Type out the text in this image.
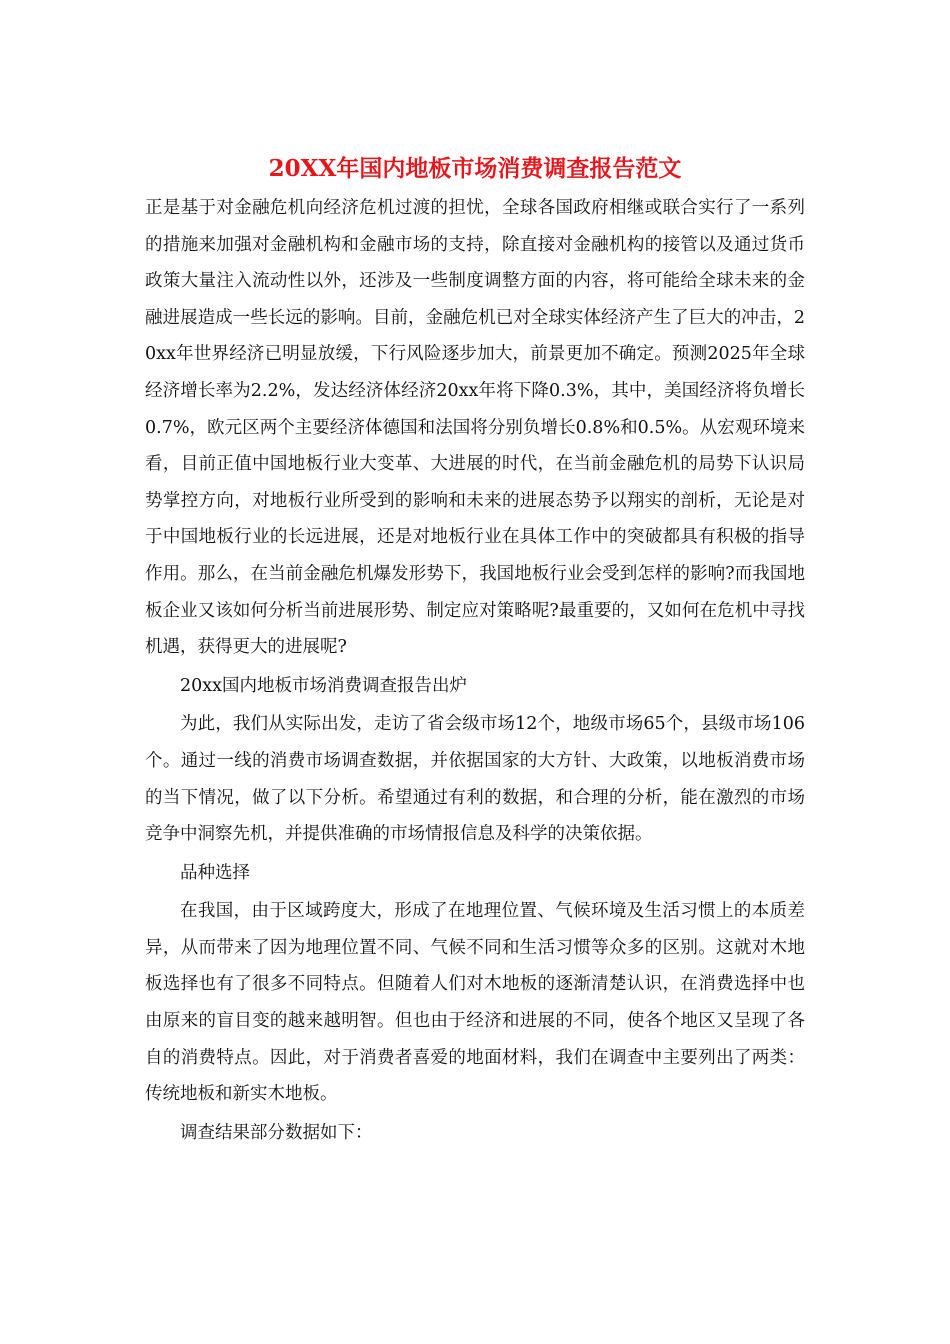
20XX年国内地板市场消费调查报告范文

正是基于对金融危机向经济危机过渡的担忧，全球各国政府相继或联合实行了一系列的措施来加强对金融机构和金融市场的支持，除直接对金融机构的接管以及通过货币政策大量注入流动性以外，还涉及一些制度调整方面的内容，将可能给全球未来的金融进展造成一些长远的影响。目前，金融危机已对全球实体经济产生了巨大的冲击，20xx年世界经济已明显放缓，下行风险逐步加大，前景更加不确定。预测2025年全球经济增长率为2.2%，发达经济体经济20xx年将下降0.3%，其中，美国经济将负增长0.7%，欧元区两个主要经济体德国和法国将分别负增长0.8%和0.5%。从宏观环境来看，目前正值中国地板行业大变革、大进展的时代，在当前金融危机的局势下认识局势掌控方向，对地板行业所受到的影响和未来的进展态势予以翔实的剖析，无论是对于中国地板行业的长远进展，还是对地板行业在具体工作中的突破都具有积极的指导作用。那么，在当前金融危机爆发形势下，我国地板行业会受到怎样的影响?而我国地板企业又该如何分析当前进展形势、制定应对策略呢?最重要的，又如何在危机中寻找机遇，获得更大的进展呢?

20xx国内地板市场消费调查报告出炉

为此，我们从实际出发，走访了省会级市场12个，地级市场65个，县级市场106个。通过一线的消费市场调查数据，并依据国家的大方针、大政策，以地板消费市场的当下情况，做了以下分析。希望通过有利的数据，和合理的分析，能在激烈的市场竞争中洞察先机，并提供准确的市场情报信息及科学的决策依据。

品种选择

在我国，由于区域跨度大，形成了在地理位置、气候环境及生活习惯上的本质差异，从而带来了因为地理位置不同、气候不同和生活习惯等众多的区别。这就对木地板选择也有了很多不同特点。但随着人们对木地板的逐渐清楚认识，在消费选择中也由原来的盲目变的越来越明智。但也由于经济和进展的不同，使各个地区又呈现了各自的消费特点。因此，对于消费者喜爱的地面材料，我们在调查中主要列出了两类：传统地板和新实木地板。

调查结果部分数据如下：
